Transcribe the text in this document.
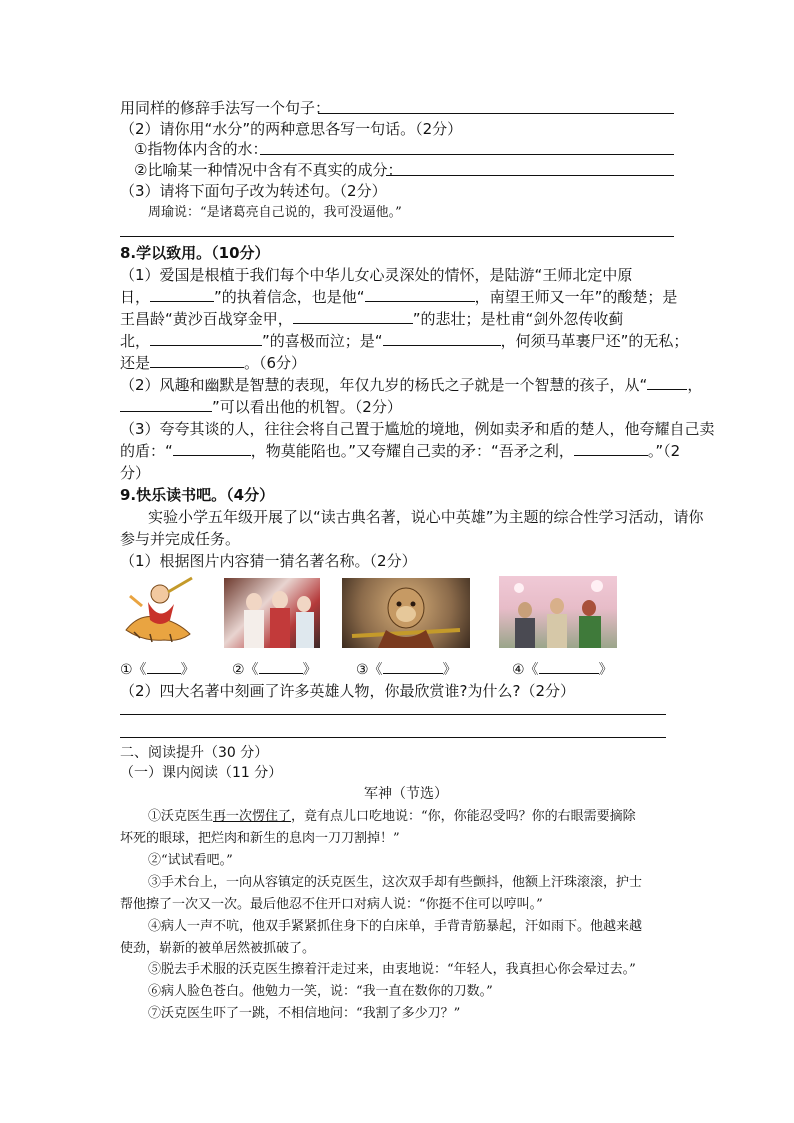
用同样的修辞手法写一个句子：
（2）请你用“水分”的两种意思各写一句话。（2分）
①指物体内含的水：
②比喻某一种情况中含有不真实的成分：
（3）请将下面句子改为转述句。（2分）
周瑜说：“是诸葛亮自己说的，我可没逼他。”
8.学以致用。（10分）
（1）爱国是根植于我们每个中华儿女心灵深处的情怀，是陆游“王师北定中原
日，	”的执着信念，也是他“	，南望王师又一年”的酸楚；是
王昌龄“黄沙百战穿金甲，	”的悲壮；是杜甫“剑外忽传收蓟
北，	”的喜极而泣；是“	，何须马革裹尸还”的无私；
还是	。（6分）
（2）风趣和幽默是智慧的表现，年仅九岁的杨氏之子就是一个智慧的孩子，从“	，
”可以看出他的机智。（2分）
（3）夸夸其谈的人，往往会将自己置于尴尬的境地，例如卖矛和盾的楚人，他夸耀自己卖
的盾：“	，物莫能陷也。”又夸耀自己卖的矛：“吾矛之利，	。”（2
分）
9.快乐读书吧。（4分）
实验小学五年级开展了以“读古典名著，说心中英雄”为主题的综合性学习活动，请你
参与并完成任务。
（1）根据图片内容猜一猜名著名称。（2分）
①《 》	②《	》	③《	》	④《	》
（2）四大名著中刻画了许多英雄人物，你最欣赏谁?为什么?（2分）
二、阅读提升（30 分）
（一）课内阅读（11 分）
军神（节选）
①沃克医生再一次愣住了，竟有点儿口吃地说：“你，你能忍受吗？你的右眼需要摘除
坏死的眼球，把烂肉和新生的息肉一刀刀割掉！”
②“试试看吧。”
③手术台上，一向从容镇定的沃克医生，这次双手却有些颤抖，他额上汗珠滚滚，护士
帮他擦了一次又一次。最后他忍不住开口对病人说：“你挺不住可以哼叫。”
④病人一声不吭，他双手紧紧抓住身下的白床单，手背青筋暴起，汗如雨下。他越来越
使劲，崭新的被单居然被抓破了。
⑤脱去手术服的沃克医生擦着汗走过来，由衷地说：“年轻人，我真担心你会晕过去。”
⑥病人脸色苍白。他勉力一笑，说：“我一直在数你的刀数。”
⑦沃克医生吓了一跳，不相信地问：“我割了多少刀？”
